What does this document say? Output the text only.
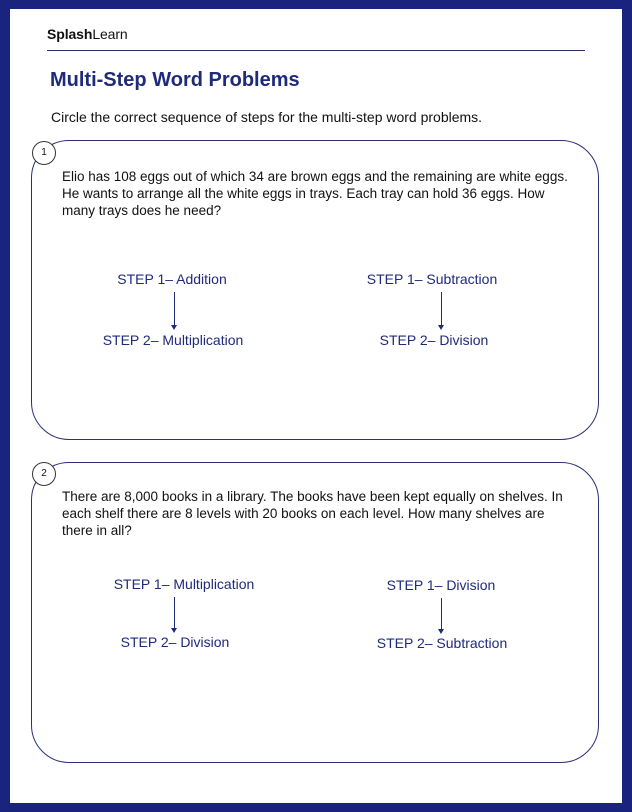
SplashLearn
Multi-Step Word Problems
Circle the correct sequence of steps for the multi-step word problems.
1
Elio has 108 eggs out of which 34 are brown eggs and the remaining are white eggs. He wants to arrange all the white eggs in trays. Each tray can hold 36 eggs. How many trays does he need?
STEP 1– Addition
STEP 2– Multiplication
STEP 1– Subtraction
STEP 2– Division
2
There are 8,000 books in a library. The books have been kept equally on shelves. In each shelf there are 8 levels with 20 books on each level. How many shelves are there in all?
STEP 1– Multiplication
STEP 2– Division
STEP 1– Division
STEP 2– Subtraction
